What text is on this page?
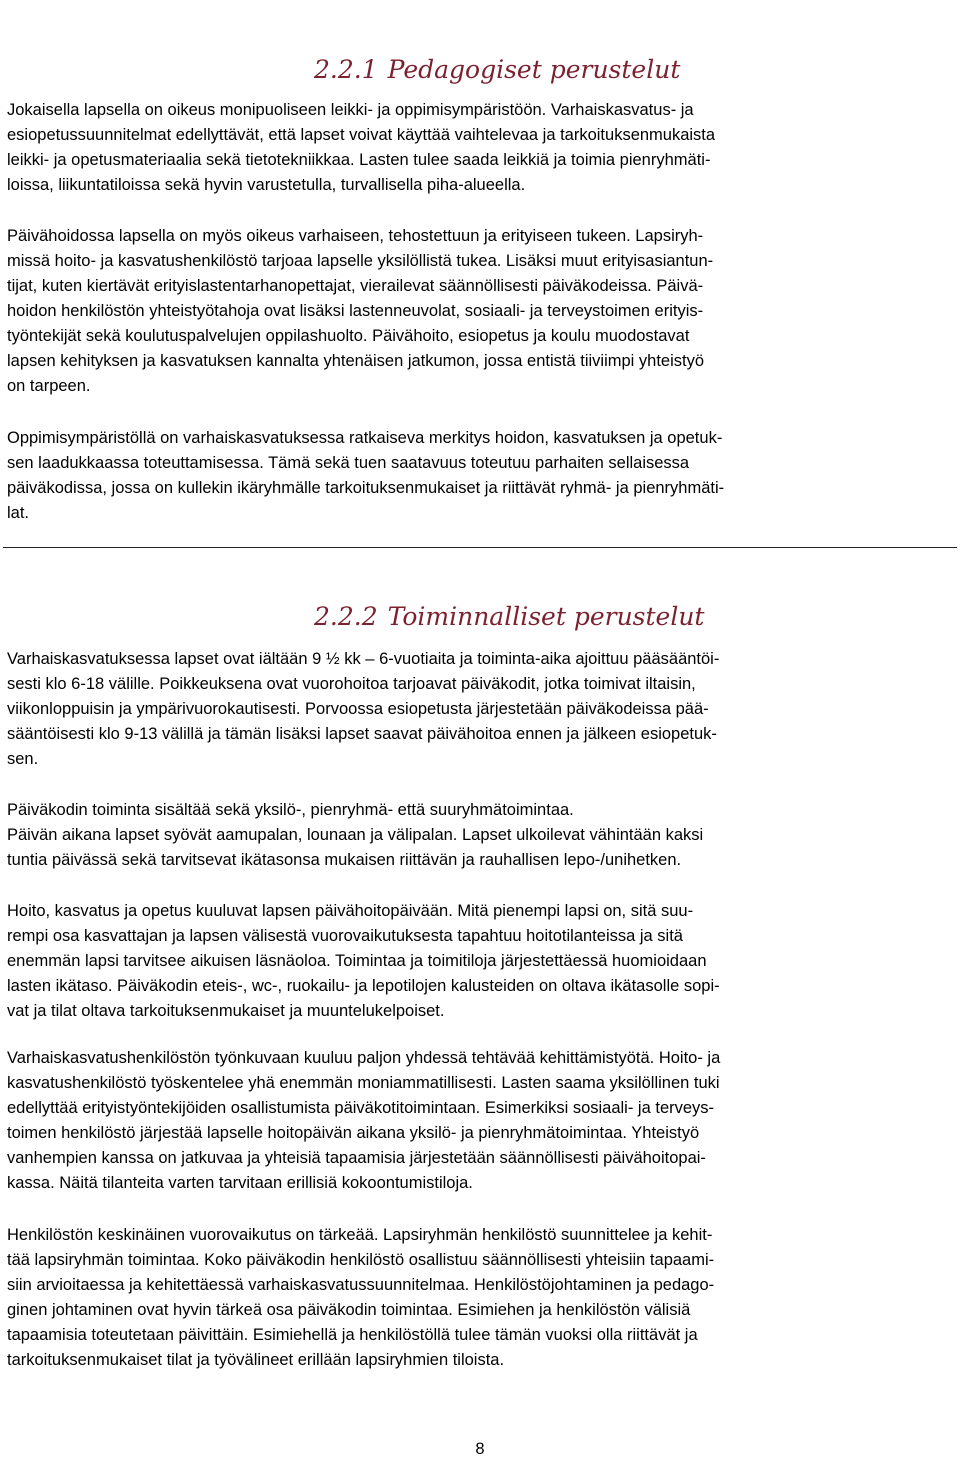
2.2.1 Pedagogiset perustelut

Jokaisella lapsella on oikeus monipuoliseen leikki- ja oppimisympäristöön. Varhaiskasvatus- ja
esiopetussuunnitelmat edellyttävät, että lapset voivat käyttää vaihtelevaa ja tarkoituksenmukaista
leikki- ja opetusmateriaalia sekä tietotekniikkaa. Lasten tulee saada leikkiä ja toimia pienryhmäti-
loissa, liikuntatiloissa sekä hyvin varustetulla, turvallisella piha-alueella.

Päivähoidossa lapsella on myös oikeus varhaiseen, tehostettuun ja erityiseen tukeen. Lapsiryh-
missä hoito- ja kasvatushenkilöstö tarjoaa lapselle yksilöllistä tukea. Lisäksi muut erityisasiantun-
tijat, kuten kiertävät erityislastentarhanopettajat, vierailevat säännöllisesti päiväkodeissa. Päivä-
hoidon henkilöstön yhteistyötahoja ovat lisäksi lastenneuvolat, sosiaali- ja terveystoimen erityis-
työntekijät sekä koulutuspalvelujen oppilashuolto. Päivähoito, esiopetus ja koulu muodostavat
lapsen kehityksen ja kasvatuksen kannalta yhtenäisen jatkumon, jossa entistä tiiviimpi yhteistyö
on tarpeen.

Oppimisympäristöllä on varhaiskasvatuksessa ratkaiseva merkitys hoidon, kasvatuksen ja opetuk-
sen laadukkaassa toteuttamisessa. Tämä sekä tuen saatavuus toteutuu parhaiten sellaisessa
päiväkodissa, jossa on kullekin ikäryhmälle tarkoituksenmukaiset ja riittävät ryhmä- ja pienryhmäti-
lat.

2.2.2 Toiminnalliset perustelut

Varhaiskasvatuksessa lapset ovat iältään 9 ½ kk – 6-vuotiaita ja toiminta-aika ajoittuu pääsääntöi-
sesti klo 6-18 välille. Poikkeuksena ovat vuorohoitoa tarjoavat päiväkodit, jotka toimivat iltaisin,
viikonloppuisin ja ympärivuorokautisesti. Porvoossa esiopetusta järjestetään päiväkodeissa pää-
sääntöisesti klo 9-13 välillä ja tämän lisäksi lapset saavat päivähoitoa ennen ja jälkeen esiopetuk-
sen.

Päiväkodin toiminta sisältää sekä yksilö-, pienryhmä- että suuryhmätoimintaa.
Päivän aikana lapset syövät aamupalan, lounaan ja välipalan. Lapset ulkoilevat vähintään kaksi
tuntia päivässä sekä tarvitsevat ikätasonsa mukaisen riittävän ja rauhallisen lepo-/unihetken.

Hoito, kasvatus ja opetus kuuluvat lapsen päivähoitopäivään. Mitä pienempi lapsi on, sitä suu-
rempi osa kasvattajan ja lapsen välisestä vuorovaikutuksesta tapahtuu hoitotilanteissa ja sitä
enemmän lapsi tarvitsee aikuisen läsnäoloa. Toimintaa ja toimitiloja järjestettäessä huomioidaan
lasten ikätaso. Päiväkodin eteis-, wc-, ruokailu- ja lepotilojen kalusteiden on oltava ikätasolle sopi-
vat ja tilat oltava tarkoituksenmukaiset ja muuntelukelpoiset.

Varhaiskasvatushenkilöstön työnkuvaan kuuluu paljon yhdessä tehtävää kehittämistyötä. Hoito- ja
kasvatushenkilöstö työskentelee yhä enemmän moniammatillisesti. Lasten saama yksilöllinen tuki
edellyttää erityistyöntekijöiden osallistumista päiväkotitoimintaan. Esimerkiksi sosiaali- ja terveys-
toimen henkilöstö järjestää lapselle hoitopäivän aikana yksilö- ja pienryhmätoimintaa. Yhteistyö
vanhempien kanssa on jatkuvaa ja yhteisiä tapaamisia järjestetään säännöllisesti päivähoitopai-
kassa. Näitä tilanteita varten tarvitaan erillisiä kokoontumistiloja.

Henkilöstön keskinäinen vuorovaikutus on tärkeää. Lapsiryhmän henkilöstö suunnittelee ja kehit-
tää lapsiryhmän toimintaa. Koko päiväkodin henkilöstö osallistuu säännöllisesti yhteisiin tapaami-
siin arvioitaessa ja kehitettäessä varhaiskasvatussuunnitelmaa. Henkilöstöjohtaminen ja pedago-
ginen johtaminen ovat hyvin tärkeä osa päiväkodin toimintaa. Esimiehen ja henkilöstön välisiä
tapaamisia toteutetaan päivittäin. Esimiehellä ja henkilöstöllä tulee tämän vuoksi olla riittävät ja
tarkoituksenmukaiset tilat ja työvälineet erillään lapsiryhmien tiloista.

8
